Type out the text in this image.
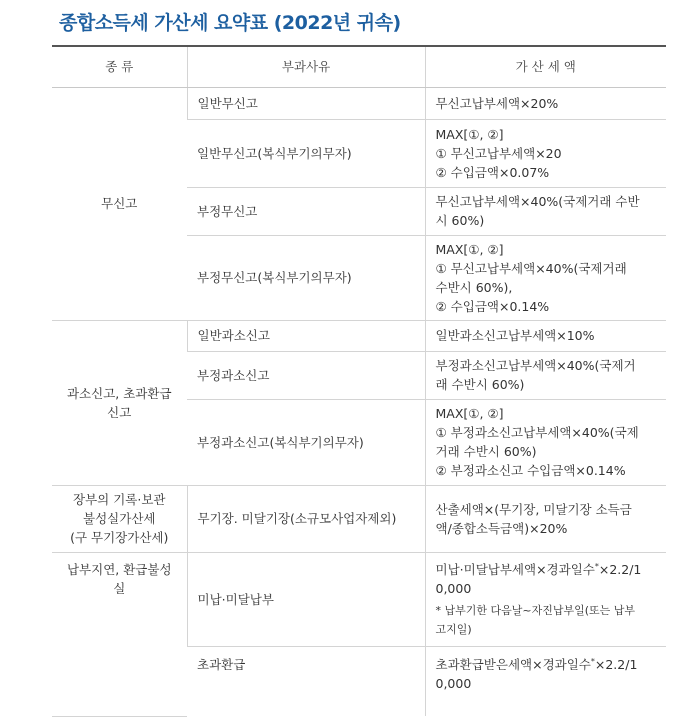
종합소득세 가산세 요약표 (2022년 귀속)
종 류	부과사유	가 산 세 액
무신고	일반무신고	무신고납부세액×20%
	일반무신고(복식부기의무자)	MAX[①, ②]
① 무신고납부세액×20
② 수입금액×0.07%

	부정무신고	무신고납부세액×40%(국제거래 수반
시 60%)

	부정무신고(복식부기의무자)	MAX[①, ②]
① 무신고납부세액×40%(국제거래
수반시 60%),
② 수입금액×0.14%

과소신고, 초과환급
신고	일반과소신고	일반과소신고납부세액×10%
	부정과소신고	부정과소신고납부세액×40%(국제거
래 수반시 60%)

	부정과소신고(복식부기의무자)	MAX[①, ②]
① 부정과소신고납부세액×40%(국제
거래 수반시 60%)
② 부정과소신고 수입금액×0.14%

장부의 기록·보관
불성실가산세
(구 무기장가산세)	무기장. 미달기장(소규모사업자제외)	산출세액×(무기장, 미달기장 소득금
액/종합소득금액)×20%

납부지연, 환급불성
실	미납·미달납부	미납·미달납부세액×경과일수*×2.2/1
0,000
* 납부기한 다음날~자진납부일(또는 납부
고지일)

	초과환급	초과환급받은세액×경과일수*×2.2/1
0,000
